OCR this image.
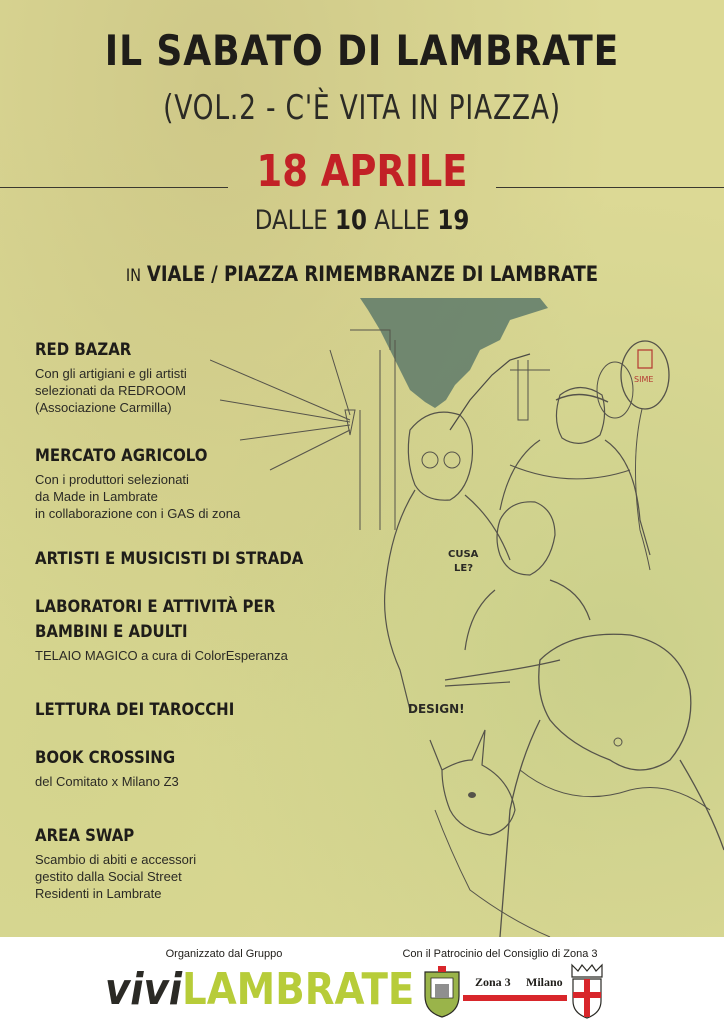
IL SABATO DI LAMBRATE
(VOL.2 - C'È VITA IN PIAZZA)
18 APRILE
DALLE 10 ALLE 19
IN VIALE / PIAZZA RIMEMBRANZE DI LAMBRATE
SIME
CUSA
LE?
DESIGN!
RED BAZAR
Con gli artigiani e gli artisti
selezionati da REDROOM
(Associazione Carmilla)
MERCATO AGRICOLO
Con i produttori selezionati
da Made in Lambrate
in collaborazione con i GAS di zona
ARTISTI E MUSICISTI DI STRADA
LABORATORI E ATTIVITÀ PER
BAMBINI E ADULTI
TELAIO MAGICO a cura di ColorEsperanza
LETTURA DEI TAROCCHI
BOOK CROSSING
del Comitato x Milano Z3
AREA SWAP
Scambio di abiti e accessori
gestito dalla Social Street
Residenti in Lambrate
Organizzato dal Gruppo
viviLAMBRATE
Con il Patrocinio del Consiglio di Zona 3
Zona 3 Milano
